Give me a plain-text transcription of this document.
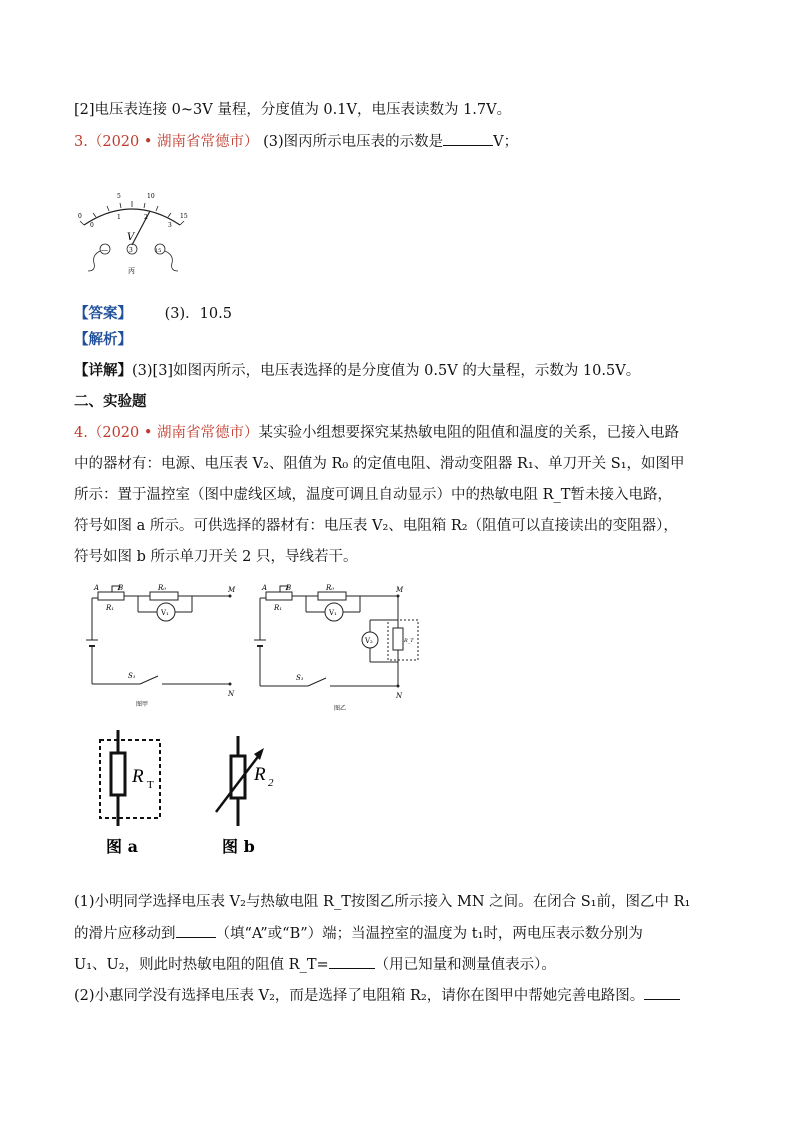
[2]电压表连接 0~3V 量程，分度值为 0.1V，电压表读数为 1.7V。
3.（2020 • 湖南省常德市） (3)图丙所示电压表的示数是	V；
0
5	10
15
0
1	2
3
V
—	3	15
丙
【答案】 (3)．10.5
【解析】
【详解】(3)[3]如图丙所示，电压表选择的是分度值为 0.5V 的大量程，示数为 10.5V。
二、实验题
4.（2020 • 湖南省常德市）某实验小组想要探究某热敏电阻的阻值和温度的关系，已接入电路
中的器材有：电源、电压表 V₂、阻值为 R₀ 的定值电阻、滑动变阻器 R₁、单刀开关 S₁，如图甲
所示：置于温控室（图中虚线区域，温度可调且自动显示）中的热敏电阻 R_T暂未接入电路，
符号如图 a 所示。可供选择的器材有：电压表 V₂、电阻箱 R₂（阻值可以直接读出的变阻器），
符号如图 b 所示单刀开关 2 只，导线若干。
A	B
R₁
R₀
V₁
M
S₁
N
图甲
A	B
R₁
R₀
V₁
V₂	R_T
M
S₁
N
图乙
R T
图 a
R 2
图 b
(1)小明同学选择电压表 V₂与热敏电阻 R_T按图乙所示接入 MN 之间。在闭合 S₁前，图乙中 R₁
的滑片应移动到	（填“A”或“B”）端；当温控室的温度为 t₁时，两电压表示数分别为
U₁、U₂，则此时热敏电阻的阻值 R_T=	（用已知量和测量值表示）。
(2)小惠同学没有选择电压表 V₂，而是选择了电阻箱 R₂，请你在图甲中帮她完善电路图。
